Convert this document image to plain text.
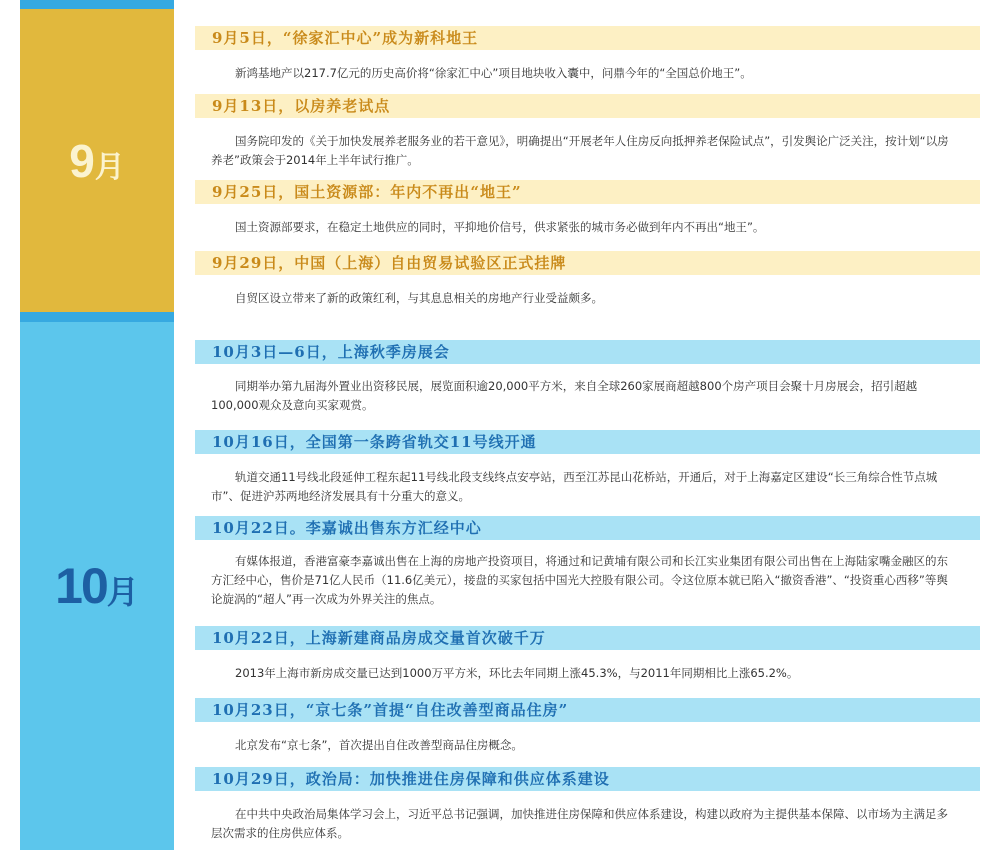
9月
10月
9月5日，“徐家汇中心”成为新科地王

新鸿基地产以217.7亿元的历史高价将“徐家汇中心”项目地块收入囊中，问鼎今年的“全国总价地王”。

9月13日，以房养老试点

国务院印发的《关于加快发展养老服务业的若干意见》，明确提出“开展老年人住房反向抵押养老保险试点”，引发舆论广泛关注，按计划“以房养老”政策会于2014年上半年试行推广。

9月25日，国土资源部：年内不再出“地王”

国土资源部要求，在稳定土地供应的同时，平抑地价信号，供求紧张的城市务必做到年内不再出“地王”。

9月29日，中国（上海）自由贸易试验区正式挂牌

自贸区设立带来了新的政策红利，与其息息相关的房地产行业受益颇多。

10月3日—6日，上海秋季房展会

同期举办第九届海外置业出资移民展，展览面积逾20,000平方米，来自全球260家展商超越800个房产项目会聚十月房展会，招引超越100,000观众及意向买家观赏。

10月16日，全国第一条跨省轨交11号线开通

轨道交通11号线北段延伸工程东起11号线北段支线终点安亭站，西至江苏昆山花桥站，开通后，对于上海嘉定区建设“长三角综合性节点城市”、促进沪苏两地经济发展具有十分重大的意义。

10月22日。李嘉诚出售东方汇经中心

有媒体报道，香港富豪李嘉诚出售在上海的房地产投资项目，将通过和记黄埔有限公司和长江实业集团有限公司出售在上海陆家嘴金融区的东方汇经中心，售价是71亿人民币（11.6亿美元），接盘的买家包括中国光大控股有限公司。令这位原本就已陷入“撤资香港”、“投资重心西移”等舆论旋涡的“超人”再一次成为外界关注的焦点。

10月22日，上海新建商品房成交量首次破千万

2013年上海市新房成交量已达到1000万平方米，环比去年同期上涨45.3%，与2011年同期相比上涨65.2%。

10月23日，“京七条”首提“自住改善型商品住房”

北京发布“京七条”，首次提出自住改善型商品住房概念。

10月29日，政治局：加快推进住房保障和供应体系建设

在中共中央政治局集体学习会上，习近平总书记强调，加快推进住房保障和供应体系建设，构建以政府为主提供基本保障、以市场为主满足多层次需求的住房供应体系。
